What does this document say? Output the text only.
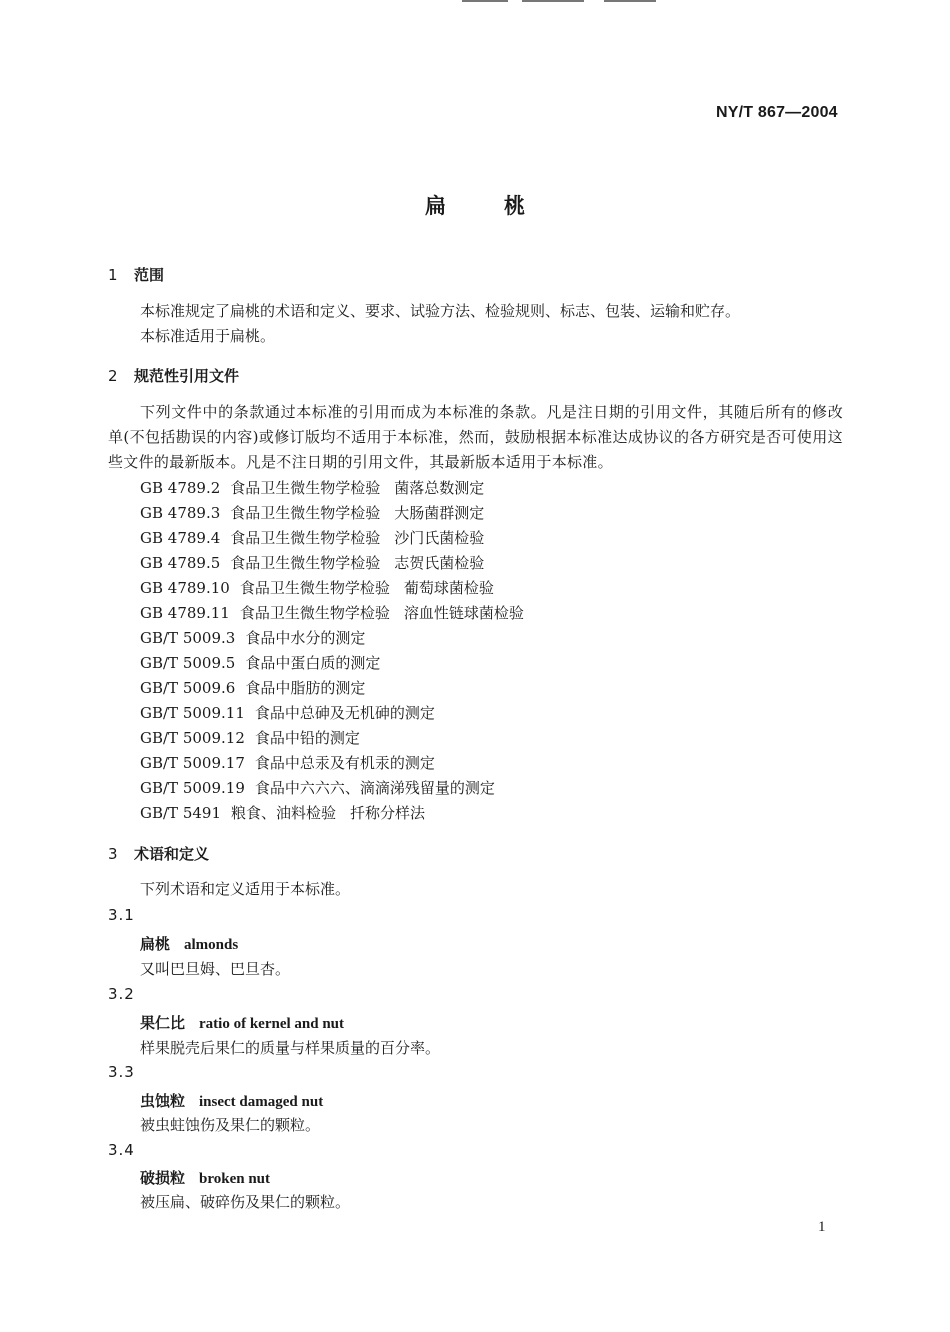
NY/T 867—2004
扁桃
1 范围
本标准规定了扁桃的术语和定义、要求、试验方法、检验规则、标志、包装、运输和贮存。
本标准适用于扁桃。
2 规范性引用文件
下列文件中的条款通过本标准的引用而成为本标准的条款。凡是注日期的引用文件，其随后所有的修改单(不包括勘误的内容)或修订版均不适用于本标准，然而，鼓励根据本标准达成协议的各方研究是否可使用这些文件的最新版本。凡是不注日期的引用文件，其最新版本适用于本标准。
GB 4789.2 食品卫生微生物学检验 菌落总数测定
GB 4789.3 食品卫生微生物学检验 大肠菌群测定
GB 4789.4 食品卫生微生物学检验 沙门氏菌检验
GB 4789.5 食品卫生微生物学检验 志贺氏菌检验
GB 4789.10 食品卫生微生物学检验 葡萄球菌检验
GB 4789.11 食品卫生微生物学检验 溶血性链球菌检验
GB/T 5009.3 食品中水分的测定
GB/T 5009.5 食品中蛋白质的测定
GB/T 5009.6 食品中脂肪的测定
GB/T 5009.11 食品中总砷及无机砷的测定
GB/T 5009.12 食品中铅的测定
GB/T 5009.17 食品中总汞及有机汞的测定
GB/T 5009.19 食品中六六六、滴滴涕残留量的测定
GB/T 5491 粮食、油料检验 扦称分样法
3 术语和定义
下列术语和定义适用于本标准。
3.1
扁桃 almonds
又叫巴旦姆、巴旦杏。
3.2
果仁比 ratio of kernel and nut
样果脱壳后果仁的质量与样果质量的百分率。
3.3
虫蚀粒 insect damaged nut
被虫蛀蚀伤及果仁的颗粒。
3.4
破损粒 broken nut
被压扁、破碎伤及果仁的颗粒。
1
